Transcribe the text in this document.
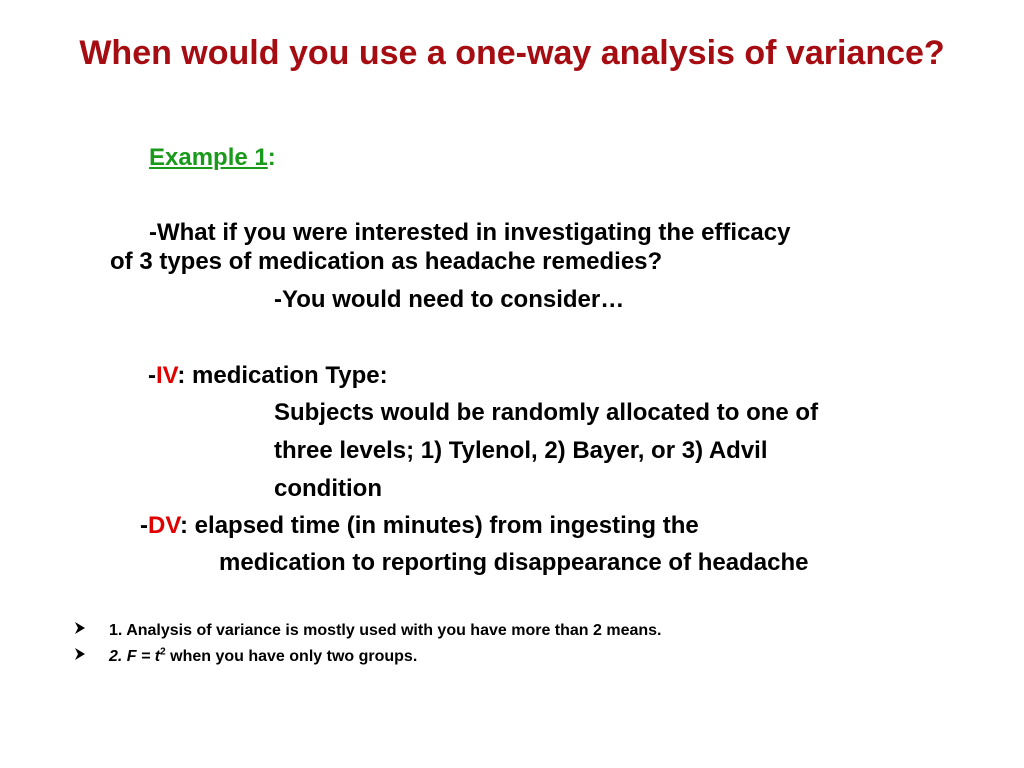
When would you use a one-way analysis of variance?
Example 1:
-What if you were interested in investigating the efficacy
of 3 types of medication as headache remedies?
-You would need to consider…
-IV: medication Type:
Subjects would be randomly allocated to one of
three levels; 1) Tylenol, 2) Bayer, or 3) Advil
condition
-DV: elapsed time (in minutes) from ingesting the
medication to reporting disappearance of headache
1. Analysis of variance is mostly used with you have more than 2 means.
2. $F = t^2$ when you have only two groups.
